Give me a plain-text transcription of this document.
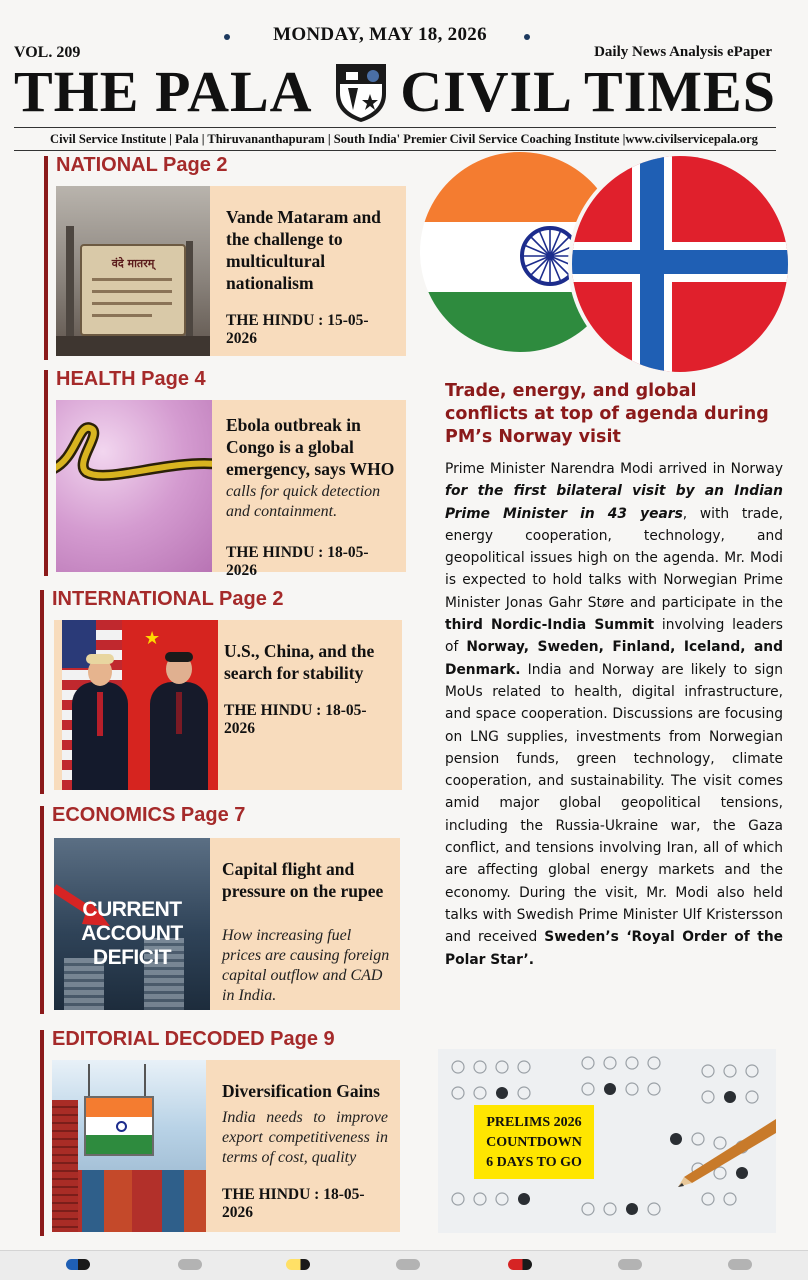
MONDAY, MAY 18, 2026
VOL. 209	Daily News Analysis ePaper
THE PALA CIVIL TIMES
Civil Service Institute | Pala | Thiruvananthapuram | South India' Premier Civil Service Coaching Institute |www.civilservicepala.org
NATIONAL Page 2
वंदे मातरम्
Vande Mataram and the challenge to multicultural nationalism
THE HINDU : 15-05-2026
HEALTH Page 4
Ebola outbreak in Congo is a global emergency, says WHO
calls for quick detection and containment.
THE HINDU : 18-05-2026
INTERNATIONAL Page 2
★
U.S., China, and the search for stability
THE HINDU : 18-05-2026
ECONOMICS Page 7
CURRENT
ACCOUNT
DEFICIT
Capital flight and pressure on the rupee
How increasing fuel prices are causing foreign capital outflow and CAD in India.
EDITORIAL DECODED Page 9
Diversification Gains
India needs to improve export competitiveness in terms of cost, quality
THE HINDU : 18-05-2026
Trade, energy, and global conflicts at top of agenda during PM’s Norway visit
Prime Minister Narendra Modi arrived in Norway for the first bilateral visit by an Indian Prime Minister in 43 years, with trade, energy cooperation, technology, and geopolitical issues high on the agenda. Mr. Modi is expected to hold talks with Norwegian Prime Minister Jonas Gahr Støre and participate in the third Nordic-India Summit involving leaders of Norway, Sweden, Finland, Iceland, and Denmark. India and Norway are likely to sign MoUs related to health, digital infrastructure, and space cooperation. Discussions are focusing on LNG supplies, investments from Norwegian pension funds, green technology, climate cooperation, and sustainability. The visit comes amid major global geopolitical tensions, including the Russia-Ukraine war, the Gaza conflict, and tensions involving Iran, all of which are affecting global energy markets and the economy. During the visit, Mr. Modi also held talks with Swedish Prime Minister Ulf Kristersson and received Sweden’s ‘Royal Order of the Polar Star’.
PRELIMS 2026
COUNTDOWN
6 DAYS TO GO
